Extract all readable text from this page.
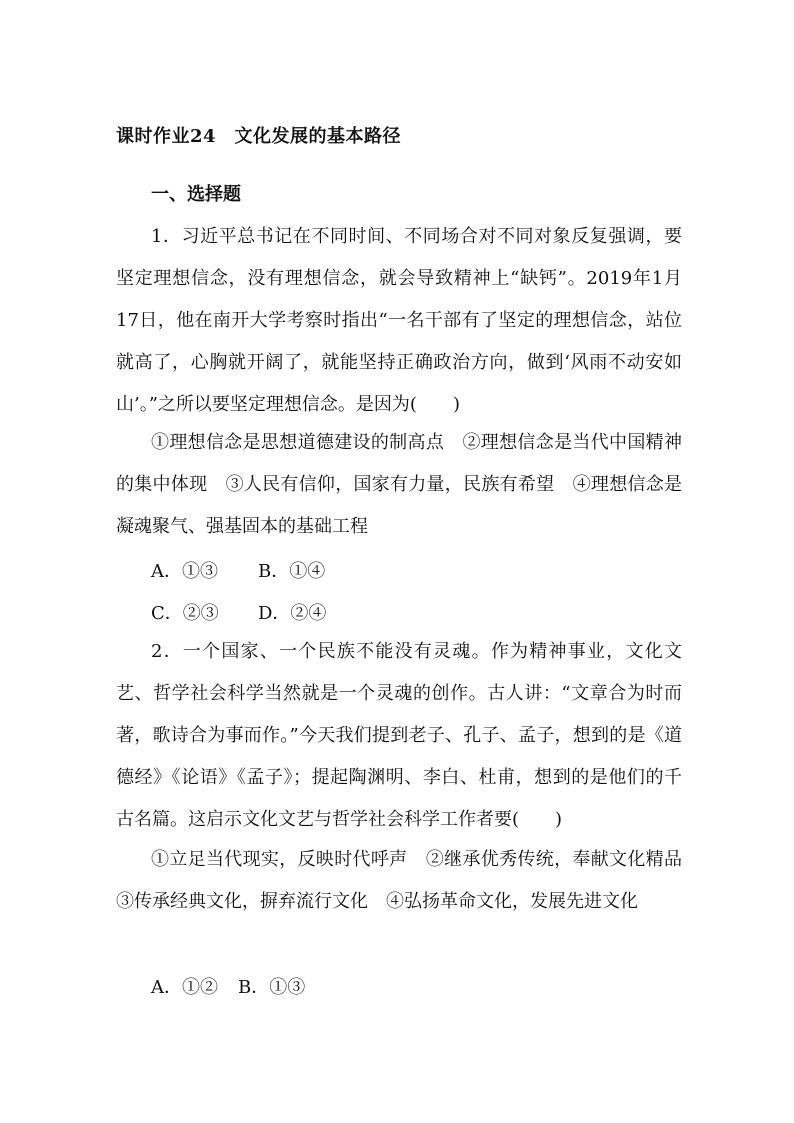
课时作业24　文化发展的基本路径
一、选择题
1．习近平总书记在不同时间、不同场合对不同对象反复强调，要坚定理想信念，没有理想信念，就会导致精神上“缺钙”。2019年1月17日，他在南开大学考察时指出“一名干部有了坚定的理想信念，站位就高了，心胸就开阔了，就能坚持正确政治方向，做到‘风雨不动安如山’。”之所以要坚定理想信念。是因为(　　)
①理想信念是思想道德建设的制高点　②理想信念是当代中国精神的集中体现　③人民有信仰，国家有力量，民族有希望　④理想信念是凝魂聚气、强基固本的基础工程
A．①③ B．①④
C．②③ D．②④
2．一个国家、一个民族不能没有灵魂。作为精神事业，文化文艺、哲学社会科学当然就是一个灵魂的创作。古人讲：“文章合为时而著，歌诗合为事而作。”今天我们提到老子、孔子、孟子，想到的是《道德经》《论语》《孟子》；提起陶渊明、李白、杜甫，想到的是他们的千古名篇。这启示文化文艺与哲学社会科学工作者要(　　)
①立足当代现实，反映时代呼声　②继承优秀传统，奉献文化精品　③传承经典文化，摒弃流行文化　④弘扬革命文化，发展先进文化
A．①② B．①③
